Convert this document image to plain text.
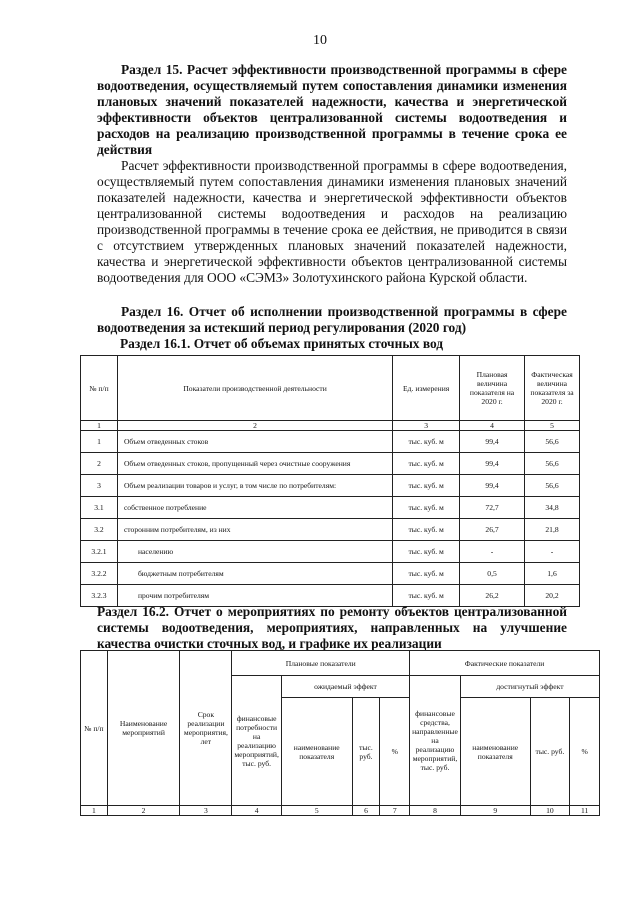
10
Раздел 15. Расчет эффективности производственной программы в сфере водоотведения, осуществляемый путем сопоставления динамики изменения плановых значений показателей надежности, качества и энергетической эффективности объектов централизованной системы водоотведения и расходов на реализацию производственной программы в течение срока ее действия
Расчет эффективности производственной программы в сфере водоотведения, осуществляемый путем сопоставления динамики изменения плановых значений показателей надежности, качества и энергетической эффективности объектов централизованной системы водоотведения и расходов на реализацию производственной программы в течение срока ее действия, не приводится в связи с отсутствием утвержденных плановых значений показателей надежности, качества и энергетической эффективности объектов централизованной системы водоотведения для ООО «СЭМЗ» Золотухинского района Курской области.
Раздел 16. Отчет об исполнении производственной программы в сфере водоотведения за истекший период регулирования (2020 год)
Раздел 16.1. Отчет об объемах принятых сточных вод
№ п/п	Показатели производственной деятельности	Ед. измерения	Плановая величина показателя на 2020 г.	Фактическая величина показателя за 2020 г.
1	2	3	4	5
1	Объем отведенных стоков	тыс. куб. м	99,4	56,6
2	Объем отведенных стоков, пропущенный через очистные сооружения	тыс. куб. м	99,4	56,6
3	Объем реализации товаров и услуг, в том числе по потребителям:	тыс. куб. м	99,4	56,6
3.1	собственное потребление	тыс. куб. м	72,7	34,8
3.2	сторонним потребителям, из них	тыс. куб. м	26,7	21,8
3.2.1	населению	тыс. куб. м	-	-
3.2.2	бюджетным потребителям	тыс. куб. м	0,5	1,6
3.2.3	прочим потребителям	тыс. куб. м	26,2	20,2
Раздел 16.2. Отчет о мероприятиях по ремонту объектов централизованной системы водоотведения, мероприятиях, направленных на улучшение качества очистки сточных вод, и графике их реализации
№ п/п	Наименование мероприятий	Срок реализации мероприятия, лет	Плановые показатели				Фактические показатели			
			финансовые потребности на реализацию мероприятий, тыс. руб.	ожидаемый эффект			финансовые средства, направленные на реализацию мероприятий, тыс. руб.	достигнутый эффект		
				наименование показателя	тыс. руб.	%		наименование показателя	тыс. руб.	%
1	2	3	4	5	6	7	8	9	10	11
